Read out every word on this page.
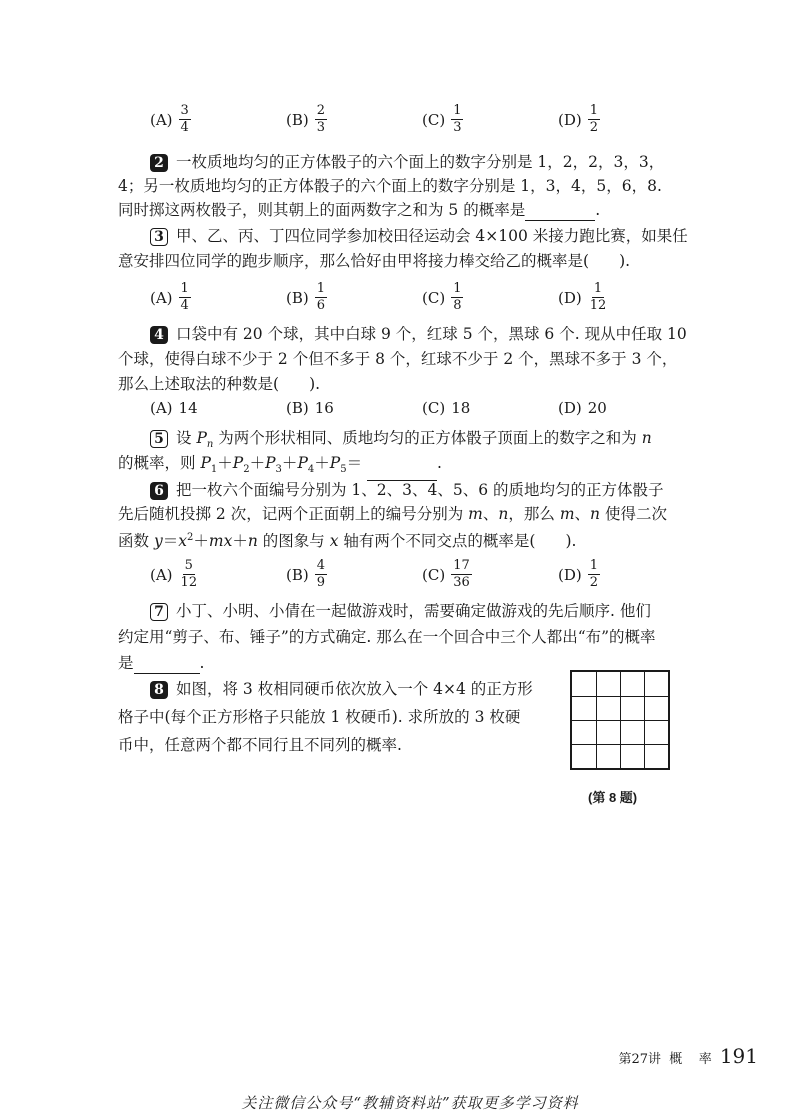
$(A) \frac{3}{4}$	$(B) \frac{2}{3}$	$(C) \frac{1}{3}$	$(D) \frac{1}{2}$
2 一枚质地均匀的正方体骰子的六个面上的数字分别是 1，2，2，3，3，
4；另一枚质地均匀的正方体骰子的六个面上的数字分别是 1，3，4，5，6，8.
同时掷这两枚骰子，则其朝上的面两数字之和为 5 的概率是	.
3 甲、乙、丙、丁四位同学参加校田径运动会 4×100 米接力跑比赛，如果任
意安排四位同学的跑步顺序，那么恰好由甲将接力棒交给乙的概率是( ).
$(A) \frac{1}{4}$	$(B) \frac{1}{6}$	$(C) \frac{1}{8}$	$(D) \frac{1}{12}$
4 口袋中有 20 个球，其中白球 9 个，红球 5 个，黑球 6 个. 现从中任取 10
个球，使得白球不少于 2 个但不多于 8 个，红球不少于 2 个，黑球不多于 3 个，
那么上述取法的种数是( ).
(A) 14	(B) 16	(C) 18	(D) 20
5 设 $P_n$ 为两个形状相同、质地均匀的正方体骰子顶面上的数字之和为 n
的概率，则 $P_1+P_2+P_3+P_4+P_5=$	.
6 把一枚六个面编号分别为 1、2、3、4、5、6 的质地均匀的正方体骰子
先后随机投掷 2 次，记两个正面朝上的编号分别为 m、n，那么 m、n 使得二次
函数 $y=x^2+mx+n$ 的图象与 x 轴有两个不同交点的概率是( ).
$(A) \frac{5}{12}$	$(B) \frac{4}{9}$	$(C) \frac{17}{36}$	$(D) \frac{1}{2}$
7 小丁、小明、小倩在一起做游戏时，需要确定做游戏的先后顺序. 他们
约定用“剪子、布、锤子”的方式确定. 那么在一个回合中三个人都出“布”的概率
是	.
8 如图，将 3 枚相同硬币依次放入一个 4×4 的正方形
格子中(每个正方形格子只能放 1 枚硬币). 求所放的 3 枚硬
币中，任意两个都不同行且不同列的概率.
(第 8 题)
第27讲  概    率 191
关注微信公众号“教辅资料站”获取更多学习资料
